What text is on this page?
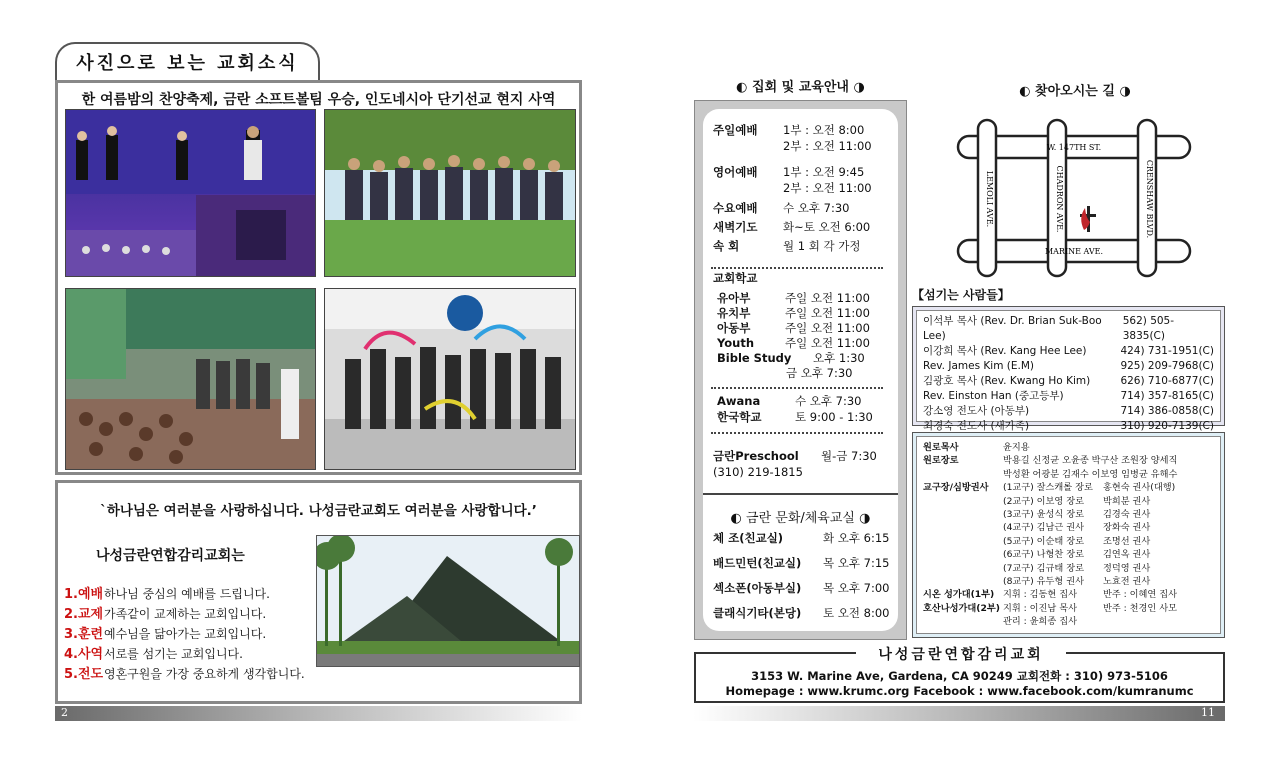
사진으로 보는 교회소식
한 여름밤의 찬양축제, 금란 소프트볼팀 우승, 인도네시아 단기선교 현지 사역
`하나님은 여러분을 사랑하십니다. 나성금란교회도 여러분을 사랑합니다.’
나성금란연합감리교회는
1.예배 하나님 중심의 예배를 드립니다.
2.교제 가족같이 교제하는 교회입니다.
3.훈련 예수님을 닮아가는 교회입니다.
4.사역 서로를 섬기는 교회입니다.
5.전도 영혼구원을 가장 중요하게 생각합니다.
2
◐ 집회 및 교육안내 ◑
주일예배 1부 : 오전 8:00
2부 : 오전 11:00
영어예배 1부 : 오전 9:45
2부 : 오전 11:00
수요예배 수 오후 7:30
새벽기도 화~토 오전 6:00
속 회	월 1 회 각 가정
교회학교
유아부	주일 오전 11:00
유치부	주일 오전 11:00
아동부	주일 오전 11:00
Youth	주일 오전 11:00
Bible Study 오후 1:30
금 오후 7:30
Awana	수 오후 7:30
한국학교	토 9:00 - 1:30
금란Preschool 월-금 7:30
(310) 219-1815
◐ 금란 문화/체육교실 ◑
체 조(친교실)	화 오후 6:15
배드민턴(친교실) 목 오후 7:15
섹소폰(아동부실) 목 오후 7:00
클래식기타(본당) 토 오전 8:00
◐ 찾아오시는 길 ◑
W. 147TH ST.
MARINE AVE.
LEMOLI AVE.	CHADRON AVE.	CRENSHAW BLVD.
【섬기는 사람들】
이석부 목사 (Rev. Dr. Brian Suk-Boo Lee)
562) 505-3835(C)
이강희 목사 (Rev. Kang Hee Lee)	424) 731-1951(C)
Rev. James Kim (E.M)	925) 209-7968(C)
김광호 목사 (Rev. Kwang Ho Kim)	626) 710-6877(C)
Rev. Einston Han (중고등부)	714) 357-8165(C)
강소영 전도사 (아동부)	714) 386-0858(C)
최경숙 전도사 (새가족)	310) 920-7139(C)
원로목사	윤지용
원로장로	박용길 신정균 오윤종 박구산 조원장 양세직
박성환 어광분 김재수 이보영 임병균 유해수
교구장/심방권사	(1교구) 잘스캐롤 장로	홍현숙 권사(대행)
(2교구) 이보영 장로	박희분 권사
(3교구) 윤성식 장로	김경숙 권사
(4교구) 김남근 권사	장화숙 권사
(5교구) 이순태 장로	조명선 권사
(6교구) 나형찬 장로	김연옥 권사
(7교구) 김규태 장로	정덕영 권사
(8교구) 유두형 권사	노효전 권사
시온 성가대(1부) 지휘 : 김동현 집사	반주 : 이혜연 집사
호산나성가대(2부) 지휘 : 이진남 목사	반주 : 천경인 사모
관리 : 윤희종 집사
나성금란연합감리교회
3153 W. Marine Ave, Gardena, CA 90249 교회전화 : 310) 973-5106
Homepage : www.krumc.org Facebook : www.facebook.com/kumranumc
11
